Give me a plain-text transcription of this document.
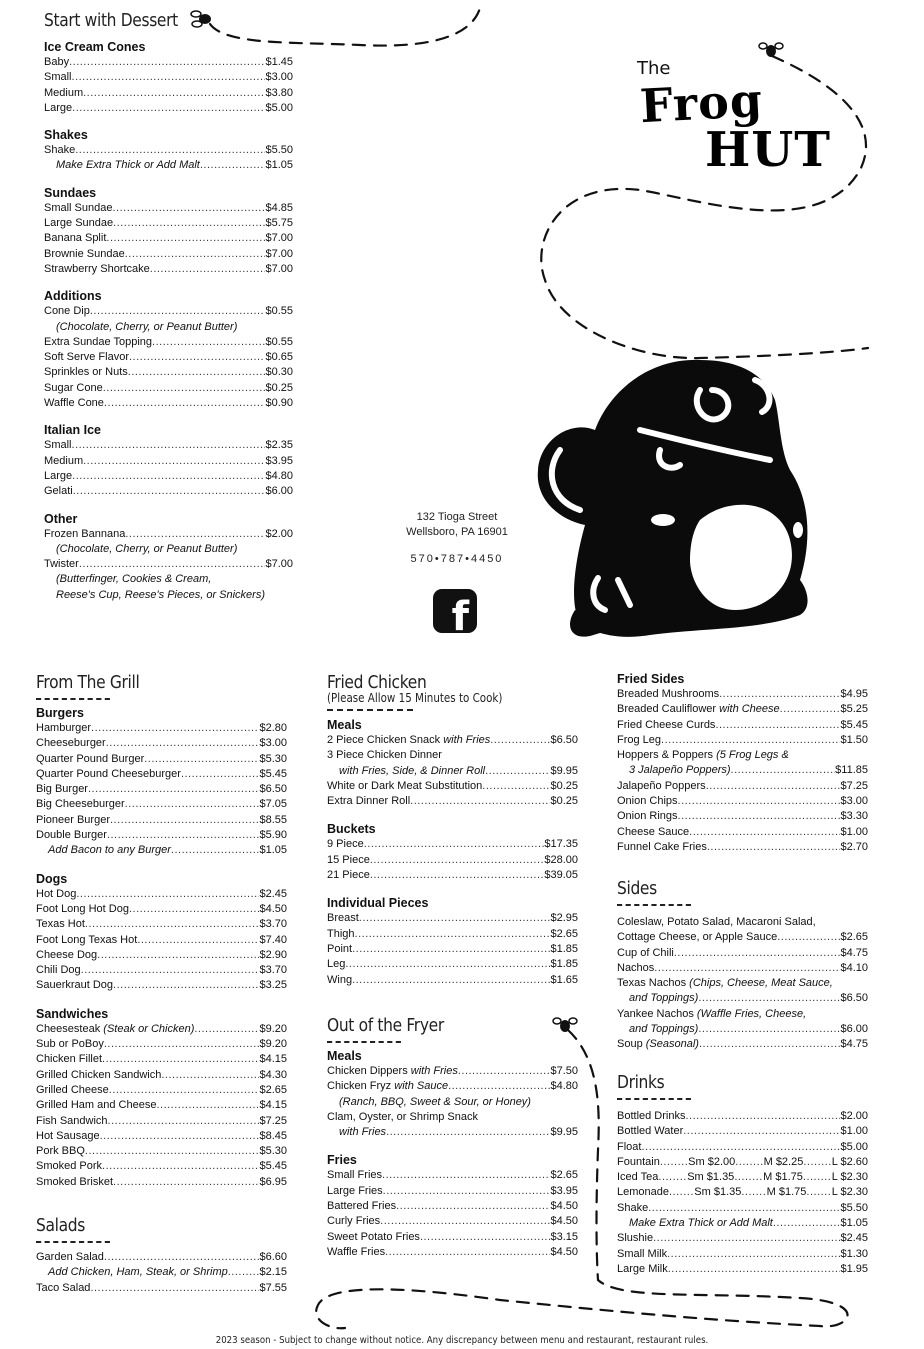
The
Frog
HUT
132 Tioga Street
Wellsboro, PA 16901
570•787•4450
f
Start with Dessert
Ice Cream Cones
Baby .....	$1.45
Small .....	$3.00
Medium .....	$3.80
Large .....	$5.00
Shakes
Shake .....	$5.50
Make Extra Thick or Add Malt .....	$1.05
Sundaes
Small Sundae .....	$4.85
Large Sundae .....	$5.75
Banana Split .....	$7.00
Brownie Sundae .....	$7.00
Strawberry Shortcake .....	$7.00
Additions
Cone Dip .....	$0.55
(Chocolate, Cherry, or Peanut Butter)
Extra Sundae Topping .....	$0.55
Soft Serve Flavor .....	$0.65
Sprinkles or Nuts .....	$0.30
Sugar Cone .....	$0.25
Waffle Cone .....	$0.90
Italian Ice
Small .....	$2.35
Medium .....	$3.95
Large .....	$4.80
Gelati .....	$6.00
Other
Frozen Bannana .....	$2.00
(Chocolate, Cherry, or Peanut Butter)
Twister .....	$7.00
(Butterfinger, Cookies & Cream,
Reese's Cup, Reese's Pieces, or Snickers)
From The Grill
Burgers
Hamburger .....	$2.80
Cheeseburger .....	$3.00
Quarter Pound Burger .....	$5.30
Quarter Pound Cheeseburger .....	$5.45
Big Burger .....	$6.50
Big Cheeseburger .....	$7.05
Pioneer Burger .....	$8.55
Double Burger .....	$5.90
Add Bacon to any Burger .....	$1.05
Dogs
Hot Dog .....	$2.45
Foot Long Hot Dog .....	$4.50
Texas Hot .....	$3.70
Foot Long Texas Hot .....	$7.40
Cheese Dog .....	$2.90
Chili Dog .....	$3.70
Sauerkraut Dog .....	$3.25
Sandwiches
Cheesesteak (Steak or Chicken) .....	$9.20
Sub or PoBoy .....	$9.20
Chicken Fillet .....	$4.15
Grilled Chicken Sandwich .....	$4.30
Grilled Cheese .....	$2.65
Grilled Ham and Cheese .....	$4.15
Fish Sandwich .....	$7.25
Hot Sausage .....	$8.45
Pork BBQ .....	$5.30
Smoked Pork .....	$5.45
Smoked Brisket .....	$6.95
Salads
Garden Salad .....	$6.60
Add Chicken, Ham, Steak, or Shrimp .....	$2.15
Taco Salad .....	$7.55
Fried Chicken
(Please Allow 15 Minutes to Cook)
Meals
2 Piece Chicken Snack with Fries .....	$6.50
3 Piece Chicken Dinner
with Fries, Side, & Dinner Roll .....	$9.95
White or Dark Meat Substitution .....	$0.25
Extra Dinner Roll .....	$0.25
Buckets
9 Piece .....	$17.35
15 Piece .....	$28.00
21 Piece .....	$39.05
Individual Pieces
Breast .....	$2.95
Thigh .....	$2.65
Point .....	$1.85
Leg .....	$1.85
Wing .....	$1.65
Out of the Fryer
Meals
Chicken Dippers with Fries .....	$7.50
Chicken Fryz with Sauce .....	$4.80
(Ranch, BBQ, Sweet & Sour, or Honey)
Clam, Oyster, or Shrimp Snack
with Fries .....	$9.95
Fries
Small Fries .....	$2.65
Large Fries .....	$3.95
Battered Fries .....	$4.50
Curly Fries .....	$4.50
Sweet Potato Fries .....	$3.15
Waffle Fries .....	$4.50
Fried Sides
Breaded Mushrooms .....	$4.95
Breaded Cauliflower with Cheese .....	$5.25
Fried Cheese Curds .....	$5.45
Frog Leg .....	$1.50
Hoppers & Poppers (5 Frog Legs &
3 Jalapeño Poppers) .....	$11.85
Jalapeño Poppers .....	$7.25
Onion Chips .....	$3.00
Onion Rings .....	$3.30
Cheese Sauce .....	$1.00
Funnel Cake Fries .....	$2.70
Sides
Coleslaw, Potato Salad, Macaroni Salad,
Cottage Cheese, or Apple Sauce .....	$2.65
Cup of Chili .....	$4.75
Nachos .....	$4.10
Texas Nachos (Chips, Cheese, Meat Sauce,
and Toppings) .....	$6.50
Yankee Nachos (Waffle Fries, Cheese,
and Toppings) .....	$6.00
Soup (Seasonal) .....	$4.75
Drinks
Bottled Drinks .....	$2.00
Bottled Water .....	$1.00
Float .....	$5.00
Fountain .....	Sm $2.00 .....	M $2.25 .....	L $2.60
Iced Tea .....	Sm $1.35 .....	M $1.75 .....	L $2.30
Lemonade ..... Sm $1.35 ..... M $1.75 ..... L $2.30
Shake .....	$5.50
Make Extra Thick or Add Malt .....	$1.05
Slushie .....	$2.45
Small Milk .....	$1.30
Large Milk .....	$1.95
2023 season - Subject to change without notice. Any discrepancy between menu and restaurant, restaurant rules.
